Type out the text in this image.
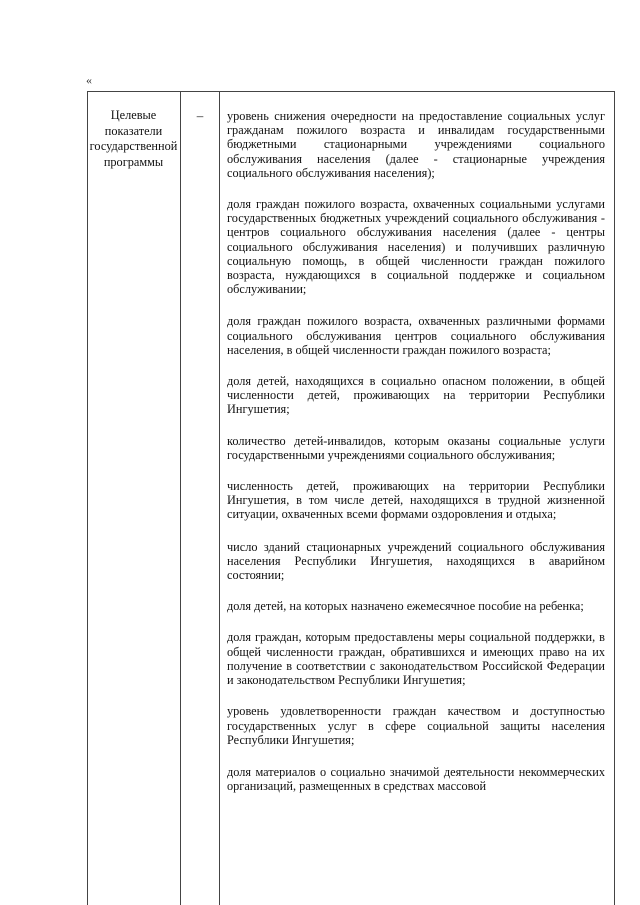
«
Целевые показатели государственной программы
–	уровень снижения очередности на предоставление социальных услуг гражданам пожилого возраста и инвалидам государственными бюджетными стационарными учреждениями социального обслуживания населения (далее - стационарные учреждения социального обслуживания населения);

доля граждан пожилого возраста, охваченных социальными услугами государственных бюджетных учреждений социального обслуживания - центров социального обслуживания населения (далее - центры социального обслуживания населения) и получивших различную социальную помощь, в общей численности граждан пожилого возраста, нуждающихся в социальной поддержке и социальном обслуживании;

доля граждан пожилого возраста, охваченных различными формами социального обслуживания центров социального обслуживания населения, в общей численности граждан пожилого возраста;

доля детей, находящихся в социально опасном положении, в общей численности детей, проживающих на территории Республики Ингушетия;

количество детей-инвалидов, которым оказаны социальные услуги государственными учреждениями социального обслуживания;

численность детей, проживающих на территории Республики Ингушетия, в том числе детей, находящихся в трудной жизненной ситуации, охваченных всеми формами оздоровления и отдыха;

число зданий стационарных учреждений социального обслуживания населения Республики Ингушетия, находящихся в аварийном состоянии;

доля детей, на которых назначено ежемесячное пособие на ребенка;

доля граждан, которым предоставлены меры социальной поддержки, в общей численности граждан, обратившихся и имеющих право на их получение в соответствии с законодательством Российской Федерации и законодательством Республики Ингушетия;

уровень удовлетворенности граждан качеством и доступностью государственных услуг в сфере социальной защиты населения Республики Ингушетия;

доля материалов о социально значимой деятельности некоммерческих организаций, размещенных в средствах массовой
